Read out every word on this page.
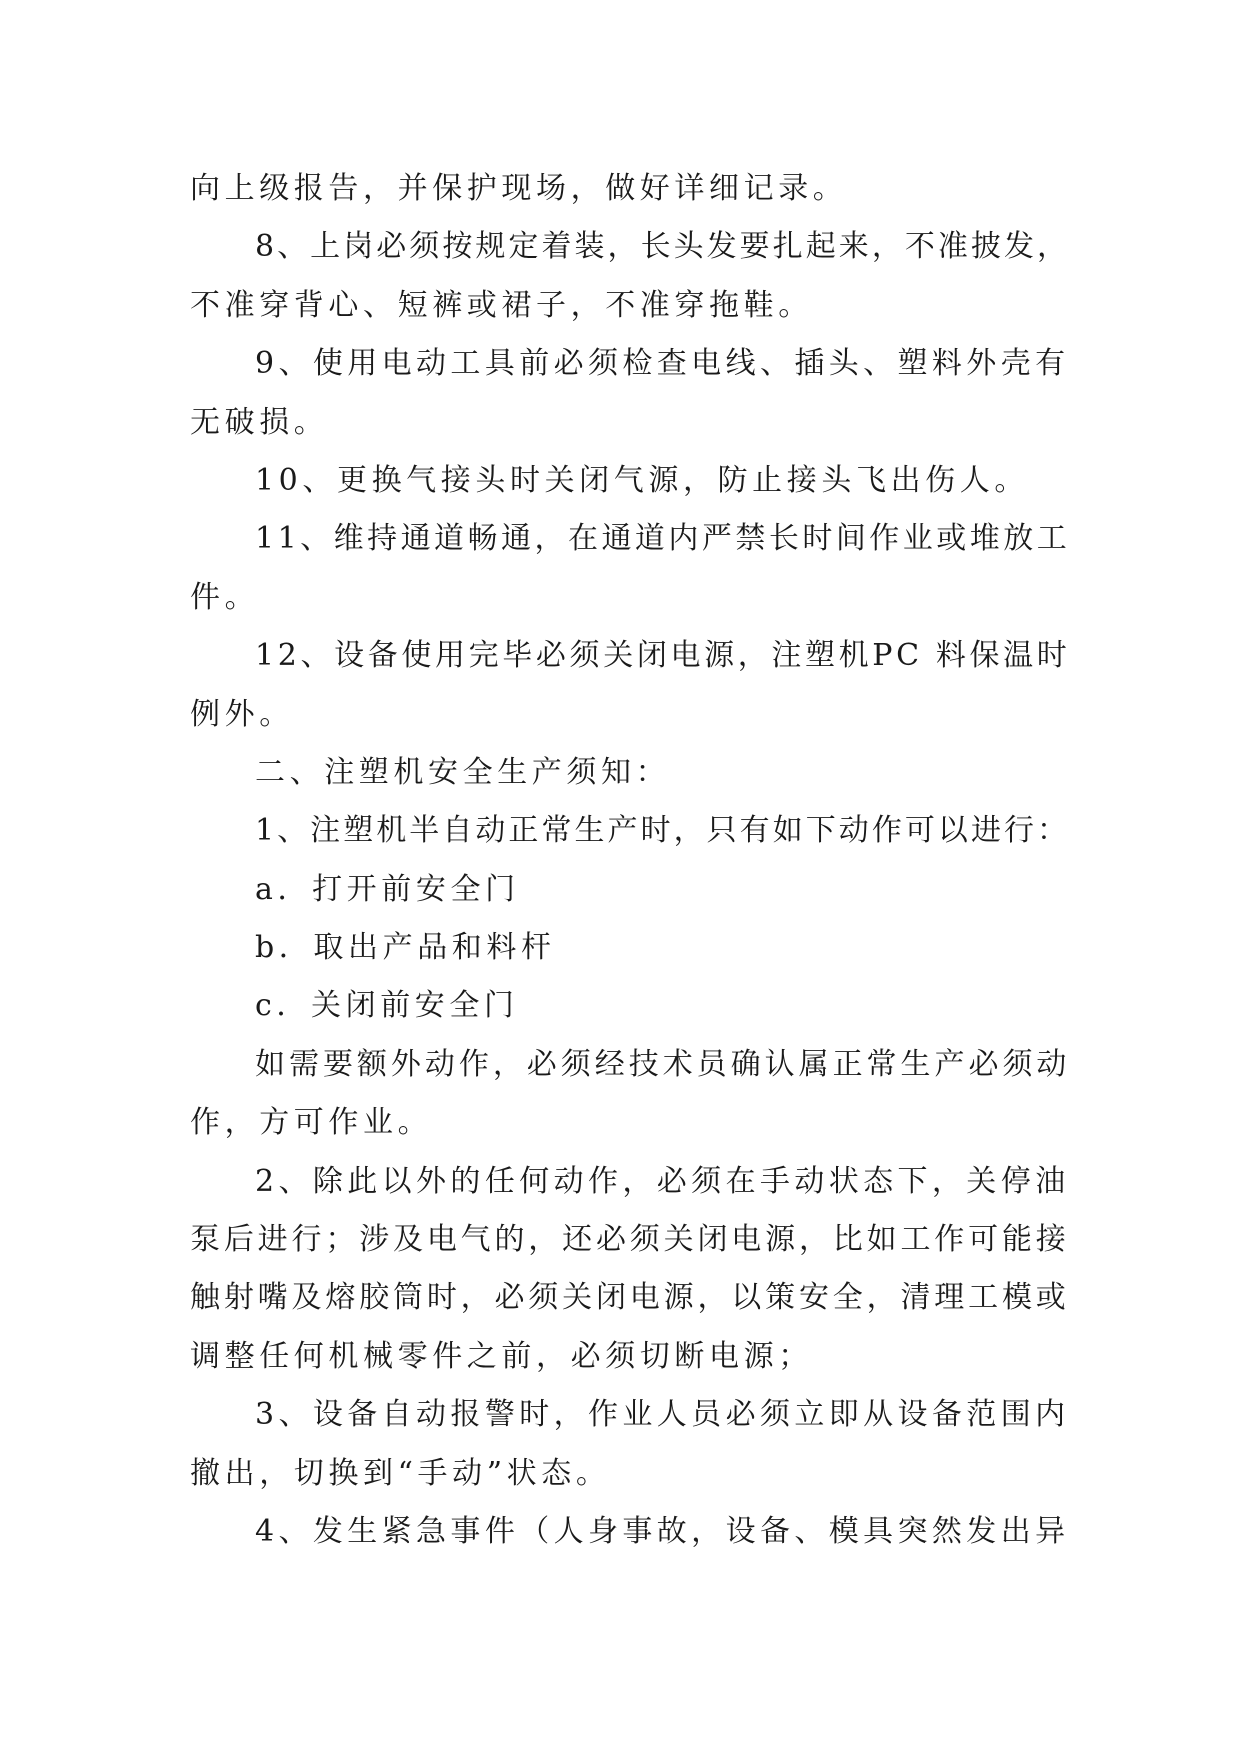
向上级报告，并保护现场，做好详细记录。
8、上岗必须按规定着装，长头发要扎起来，不准披发，
不准穿背心、短裤或裙子，不准穿拖鞋。
9、使用电动工具前必须检查电线、插头、塑料外壳有
无破损。
10、更换气接头时关闭气源，防止接头飞出伤人。
11、维持通道畅通，在通道内严禁长时间作业或堆放工
件。
12、设备使用完毕必须关闭电源，注塑机PC 料保温时
例外。
二、注塑机安全生产须知：
1、注塑机半自动正常生产时，只有如下动作可以进行：
a．打开前安全门
b．取出产品和料杆
c．关闭前安全门
如需要额外动作，必须经技术员确认属正常生产必须动
作，方可作业。
2、除此以外的任何动作，必须在手动状态下，关停油
泵后进行；涉及电气的，还必须关闭电源，比如工作可能接
触射嘴及熔胶筒时，必须关闭电源，以策安全，清理工模或
调整任何机械零件之前，必须切断电源；
3、设备自动报警时，作业人员必须立即从设备范围内
撤出，切换到“手动”状态。
4、发生紧急事件（人身事故，设备、模具突然发出异
